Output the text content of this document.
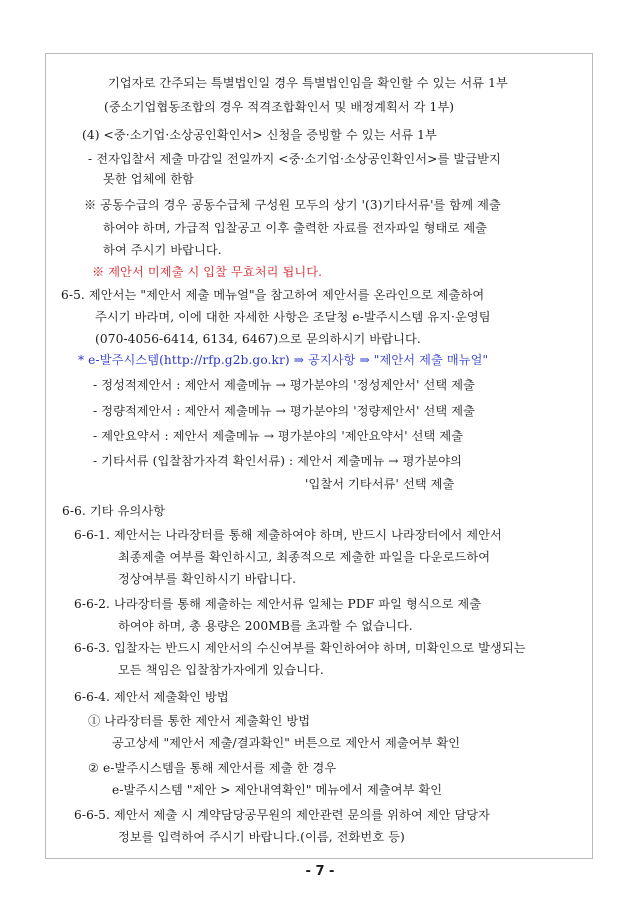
기업자로 간주되는 특별법인일 경우 특별법인임을 확인할 수 있는 서류 1부
(중소기업협동조합의 경우 적격조합확인서 및 배정계획서 각 1부)
(4) <중·소기업·소상공인확인서> 신청을 증빙할 수 있는 서류 1부
- 전자입찰서 제출 마감일 전일까지 <중·소기업·소상공인확인서>를 발급받지
못한 업체에 한함
※ 공동수급의 경우 공동수급체 구성원 모두의 상기 '(3)기타서류'를 함께 제출
하여야 하며, 가급적 입찰공고 이후 출력한 자료를 전자파일 형태로 제출
하여 주시기 바랍니다.
※ 제안서 미제출 시 입찰 무효처리 됩니다.
6-5. 제안서는 "제안서 제출 메뉴얼"을 참고하여 제안서를 온라인으로 제출하여
주시기 바라며, 이에 대한 자세한 사항은 조달청 e-발주시스템 유지·운영팀
(070-4056-6414, 6134, 6467)으로 문의하시기 바랍니다.
* e-발주시스템(http://rfp.g2b.go.kr) ⇒ 공지사항 ⇒ "제안서 제출 매뉴얼"
- 정성적제안서 : 제안서 제출메뉴 → 평가분야의 '정성제안서' 선택 제출
- 정량적제안서 : 제안서 제출메뉴 → 평가분야의 '정량제안서' 선택 제출
- 제안요약서 : 제안서 제출메뉴 → 평가분야의 '제안요약서' 선택 제출
- 기타서류 (입찰참가자격 확인서류) : 제안서 제출메뉴 → 평가분야의
'입찰서 기타서류' 선택 제출
6-6. 기타 유의사항
6-6-1. 제안서는 나라장터를 통해 제출하여야 하며, 반드시 나라장터에서 제안서
최종제출 여부를 확인하시고, 최종적으로 제출한 파일을 다운로드하여
정상여부를 확인하시기 바랍니다.
6-6-2. 나라장터를 통해 제출하는 제안서류 일체는 PDF 파일 형식으로 제출
하여야 하며, 총 용량은 200MB를 초과할 수 없습니다.
6-6-3. 입찰자는 반드시 제안서의 수신여부를 확인하여야 하며, 미확인으로 발생되는
모든 책임은 입찰참가자에게 있습니다.
6-6-4. 제안서 제출확인 방법
① 나라장터를 통한 제안서 제출확인 방법
공고상세 "제안서 제출/결과확인" 버튼으로 제안서 제출여부 확인
② e-발주시스템을 통해 제안서를 제출 한 경우
e-발주시스템 "제안 > 제안내역확인" 메뉴에서 제출여부 확인
6-6-5. 제안서 제출 시 계약담당공무원의 제안관련 문의를 위하여 제안 담당자
정보를 입력하여 주시기 바랍니다.(이름, 전화번호 등)
- 7 -
